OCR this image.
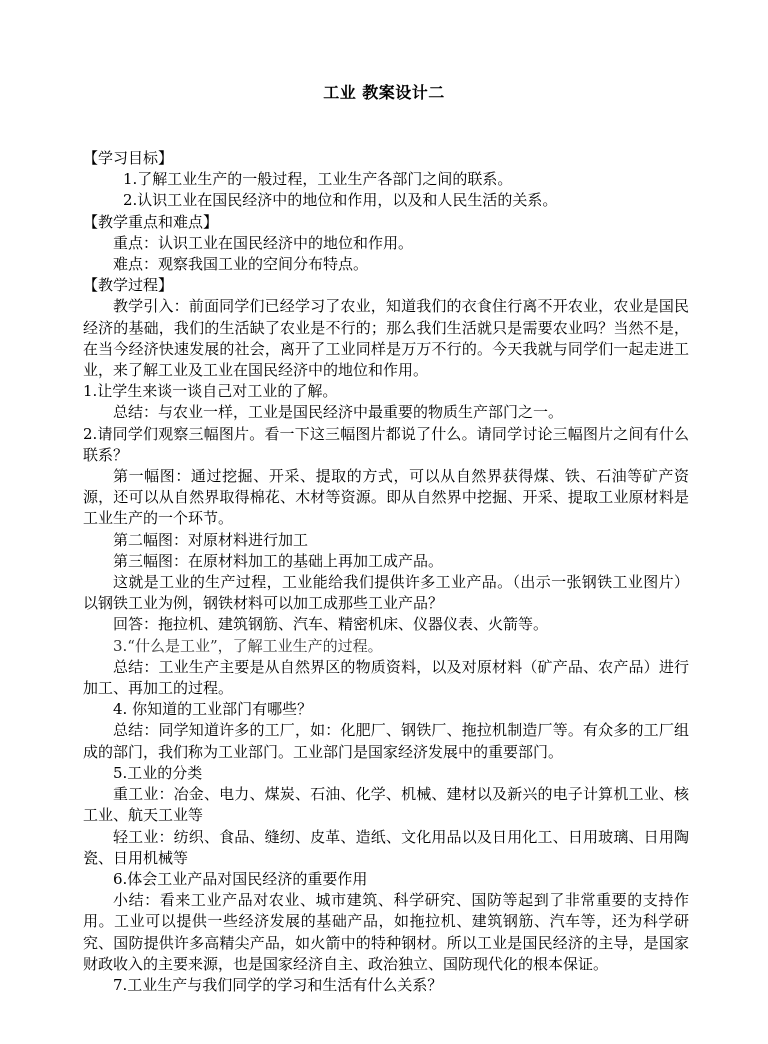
工业 教案设计二

【学习目标】

1.了解工业生产的一般过程，工业生产各部门之间的联系。

2.认识工业在国民经济中的地位和作用，以及和人民生活的关系。

【教学重点和难点】

重点：认识工业在国民经济中的地位和作用。

难点：观察我国工业的空间分布特点。

【教学过程】

教学引入：前面同学们已经学习了农业，知道我们的衣食住行离不开农业，农业是国民经济的基础，我们的生活缺了农业是不行的；那么我们生活就只是需要农业吗？当然不是，在当今经济快速发展的社会，离开了工业同样是万万不行的。今天我就与同学们一起走进工业，来了解工业及工业在国民经济中的地位和作用。

1.让学生来谈一谈自己对工业的了解。

总结：与农业一样，工业是国民经济中最重要的物质生产部门之一。

2.请同学们观察三幅图片。看一下这三幅图片都说了什么。请同学讨论三幅图片之间有什么联系？

第一幅图：通过挖掘、开采、提取的方式，可以从自然界获得煤、铁、石油等矿产资源，还可以从自然界取得棉花、木材等资源。即从自然界中挖掘、开采、提取工业原材料是工业生产的一个环节。

第二幅图：对原材料进行加工

第三幅图：在原材料加工的基础上再加工成产品。

这就是工业的生产过程，工业能给我们提供许多工业产品。（出示一张钢铁工业图片）以钢铁工业为例，钢铁材料可以加工成那些工业产品？

回答：拖拉机、建筑钢筋、汽车、精密机床、仪器仪表、火箭等。

3.“什么是工业”，了解工业生产的过程。

总结：工业生产主要是从自然界区的物质资料，以及对原材料（矿产品、农产品）进行加工、再加工的过程。

4. 你知道的工业部门有哪些？

总结：同学知道许多的工厂，如：化肥厂、钢铁厂、拖拉机制造厂等。有众多的工厂组成的部门，我们称为工业部门。工业部门是国家经济发展中的重要部门。

5.工业的分类

重工业：冶金、电力、煤炭、石油、化学、机械、建材以及新兴的电子计算机工业、核工业、航天工业等

轻工业：纺织、食品、缝纫、皮革、造纸、文化用品以及日用化工、日用玻璃、日用陶瓷、日用机械等

6.体会工业产品对国民经济的重要作用

小结：看来工业产品对农业、城市建筑、科学研究、国防等起到了非常重要的支持作用。工业可以提供一些经济发展的基础产品，如拖拉机、建筑钢筋、汽车等，还为科学研究、国防提供许多高精尖产品，如火箭中的特种钢材。所以工业是国民经济的主导，是国家财政收入的主要来源，也是国家经济自主、政治独立、国防现代化的根本保证。

7.工业生产与我们同学的学习和生活有什么关系？
